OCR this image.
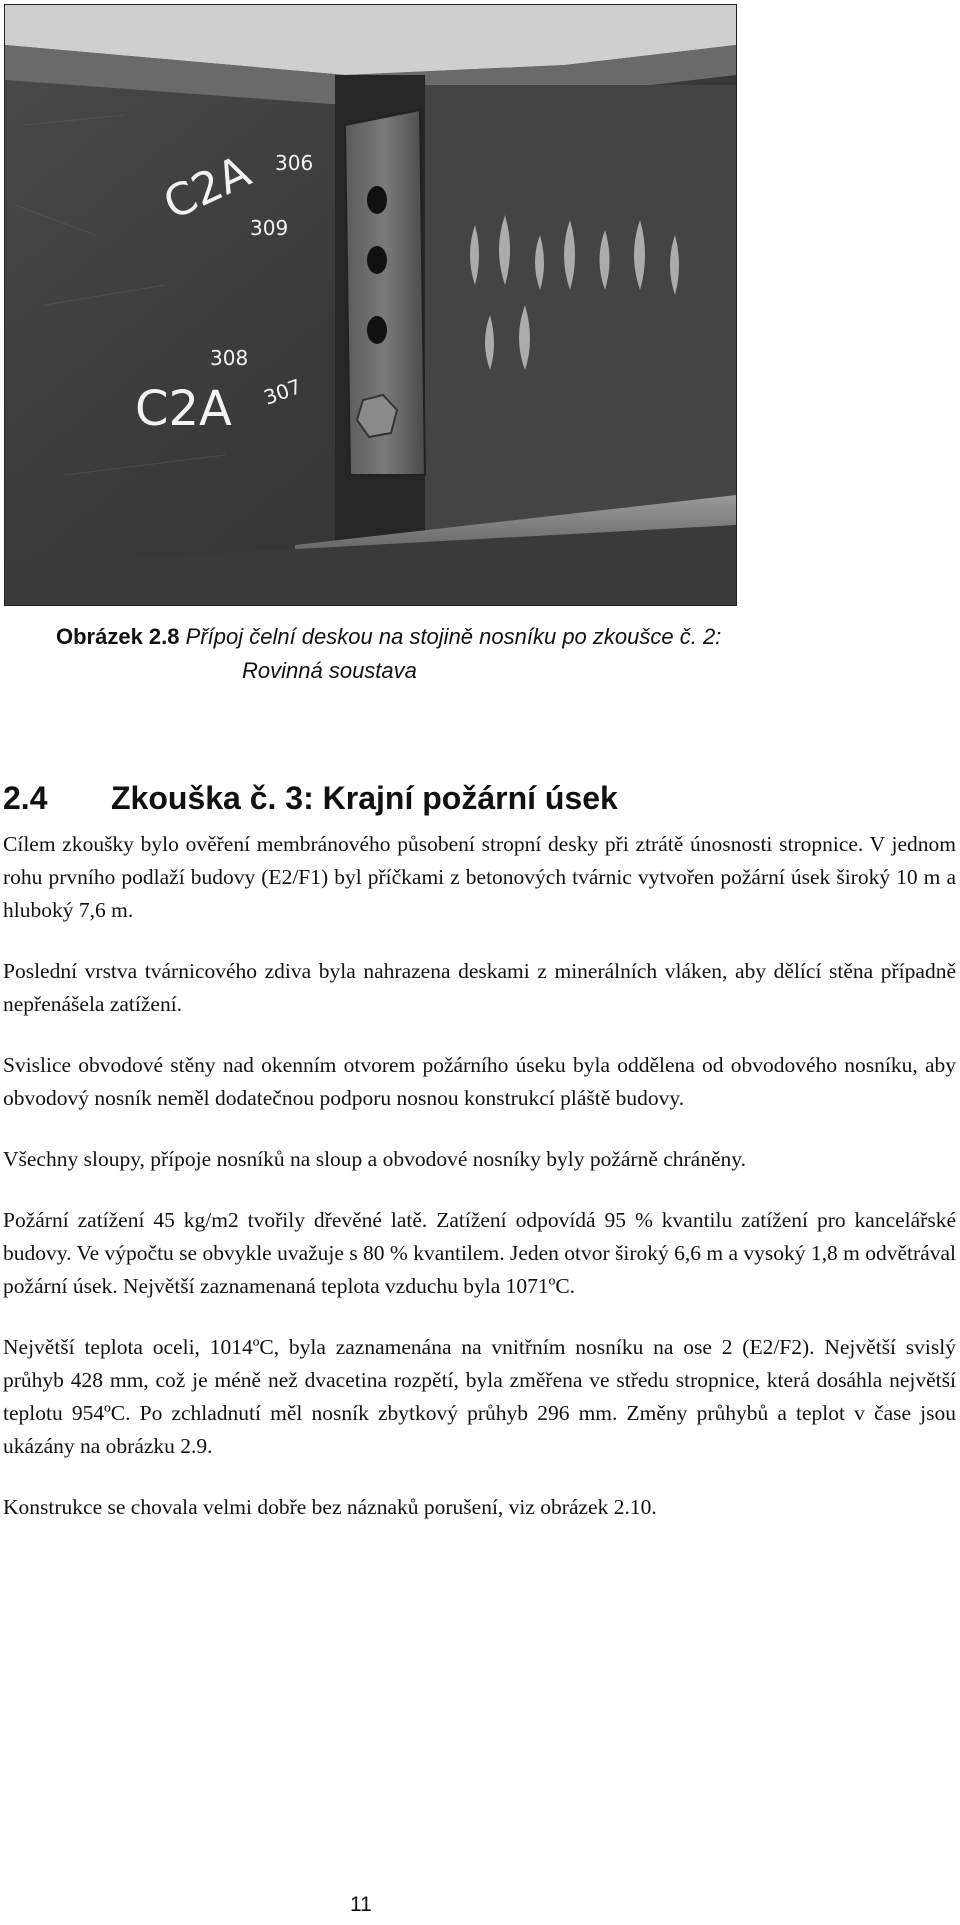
306
C2A
309
308
C2A 307
Obrázek 2.8 Přípoj čelní deskou na stojině nosníku po zkoušce č. 2:
Rovinná soustava
2.4 Zkouška č. 3: Krajní požární úsek

Cílem zkoušky bylo ověření membránového působení stropní desky při ztrátě únosnosti stropnice. V jednom rohu prvního podlaží budovy (E2/F1) byl příčkami z betonových tvárnic vytvořen požární úsek široký 10 m a hluboký 7,6 m.

Poslední vrstva tvárnicového zdiva byla nahrazena deskami z minerálních vláken, aby dělící stěna případně nepřenášela zatížení.

Svislice obvodové stěny nad okenním otvorem požárního úseku byla oddělena od obvodového nosníku, aby obvodový nosník neměl dodatečnou podporu nosnou konstrukcí pláště budovy.

Všechny sloupy, přípoje nosníků na sloup a obvodové nosníky byly požárně chráněny.

Požární zatížení 45 kg/m2 tvořily dřevěné latě. Zatížení odpovídá 95 % kvantilu zatížení pro kancelářské budovy. Ve výpočtu se obvykle uvažuje s 80 % kvantilem. Jeden otvor široký 6,6 m a vysoký 1,8 m odvětrával požární úsek. Největší zaznamenaná teplota vzduchu byla 1071ºC.

Největší teplota oceli, 1014ºC, byla zaznamenána na vnitřním nosníku na ose 2 (E2/F2). Největší svislý průhyb 428 mm, což je méně než dvacetina rozpětí, byla změřena ve středu stropnice, která dosáhla největší teplotu 954ºC. Po zchladnutí měl nosník zbytkový průhyb 296 mm. Změny průhybů a teplot v čase jsou ukázány na obrázku 2.9.

Konstrukce se chovala velmi dobře bez náznaků porušení, viz obrázek 2.10.

11
